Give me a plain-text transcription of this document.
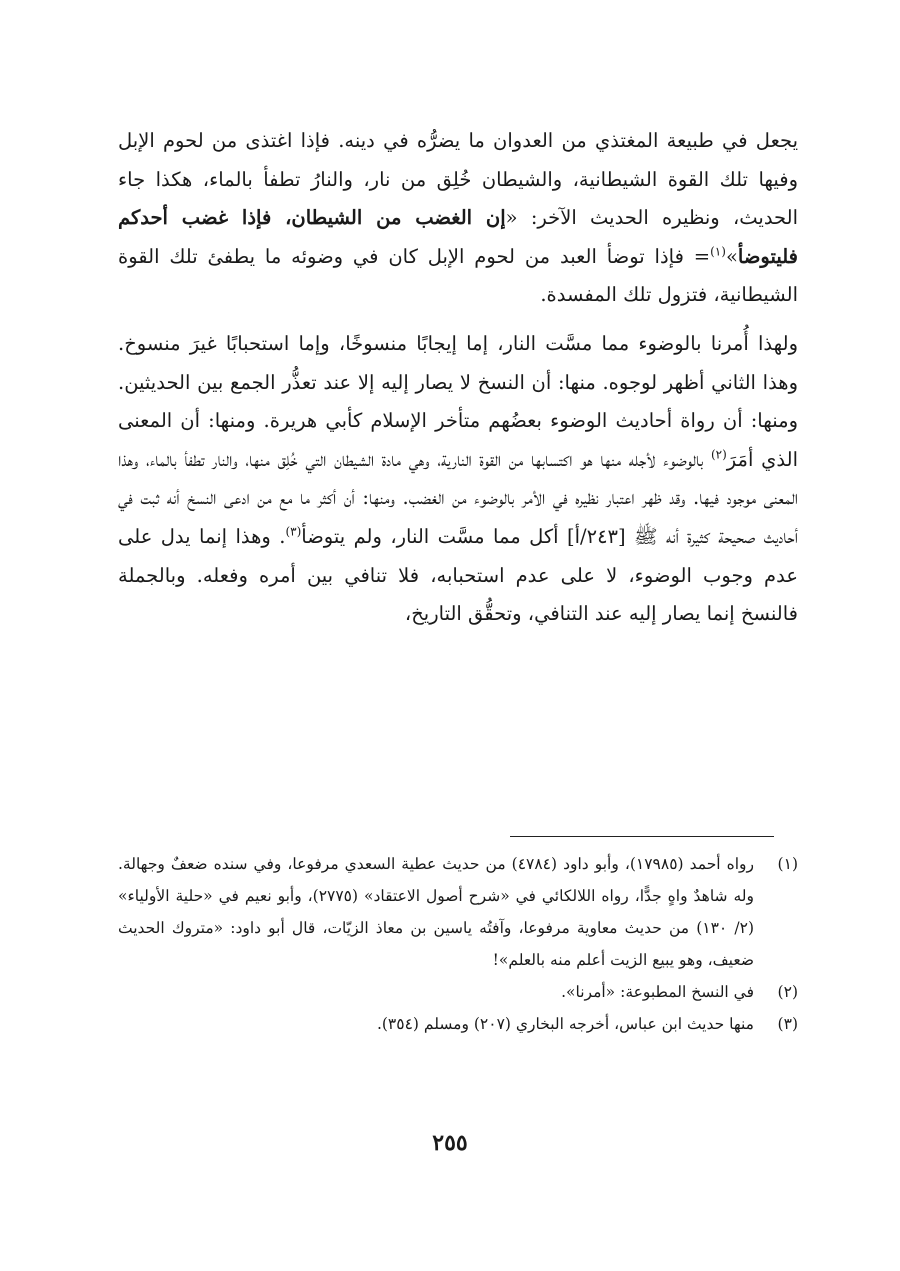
يجعل في طبيعة المغتذي من العدوان ما يضرُّه في دينه. فإذا اغتذى من لحوم الإبل وفيها تلك القوة الشيطانية، والشيطان خُلِق من نار، والنارُ تطفأ بالماء، هكذا جاء الحديث، ونظيره الحديث الآخر: «إن الغضب من الشيطان، فإذا غضب أحدكم فليتوضأ»$^{(١)}$= فإذا توضأ العبد من لحوم الإبل كان في وضوئه ما يطفئ تلك القوة الشيطانية، فتزول تلك المفسدة.

ولهذا أُمرنا بالوضوء مما مسَّت النار، إما إيجابًا منسوخًا، وإما استحبابًا غيرَ منسوخ. وهذا الثاني أظهر لوجوه. منها: أن النسخ لا يصار إليه إلا عند تعذُّر الجمع بين الحديثين. ومنها: أن رواة أحاديث الوضوء بعضُهم متأخر الإسلام كأبي هريرة. ومنها: أن المعنى الذي أمَرَ$^{(٢)}$ بالوضوء لأجله منها هو اكتسابها من القوة النارية، وهي مادة الشيطان التي خُلِق منها، والنار تطفأ بالماء، وهذا المعنى موجود فيها. وقد ظهر اعتبار نظيره في الأمر بالوضوء من الغضب. ومنها: أن أكثر ما مع من ادعى النسخ أنه ثبت في أحاديث صحيحة كثيرة أنه ﷺ [٢٤٣/أ] أكل مما مسَّت النار، ولم يتوضأ$^{(٣)}$. وهذا إنما يدل على عدم وجوب الوضوء، لا على عدم استحبابه، فلا تنافي بين أمره وفعله. وبالجملة فالنسخ إنما يصار إليه عند التنافي، وتحقُّق التاريخ،

(١)
رواه أحمد (١٧٩٨٥)، وأبو داود (٤٧٨٤) من حديث عطية السعدي مرفوعا، وفي سنده ضعفٌ وجهالة. وله شاهدٌ واهٍ جدًّا، رواه اللالكائي في «شرح أصول الاعتقاد» (٢٧٧٥)، وأبو نعيم في «حلية الأولياء» (٢/ ١٣٠) من حديث معاوية مرفوعا، وآفتُه ياسين بن معاذ الزيّات، قال أبو داود: «متروك الحديث ضعيف، وهو يبيع الزيت أعلم منه بالعلم»!
(٢)
في النسخ المطبوعة: «أمرنا».
(٣)
منها حديث ابن عباس، أخرجه البخاري (٢٠٧) ومسلم (٣٥٤).
٢٥٥
